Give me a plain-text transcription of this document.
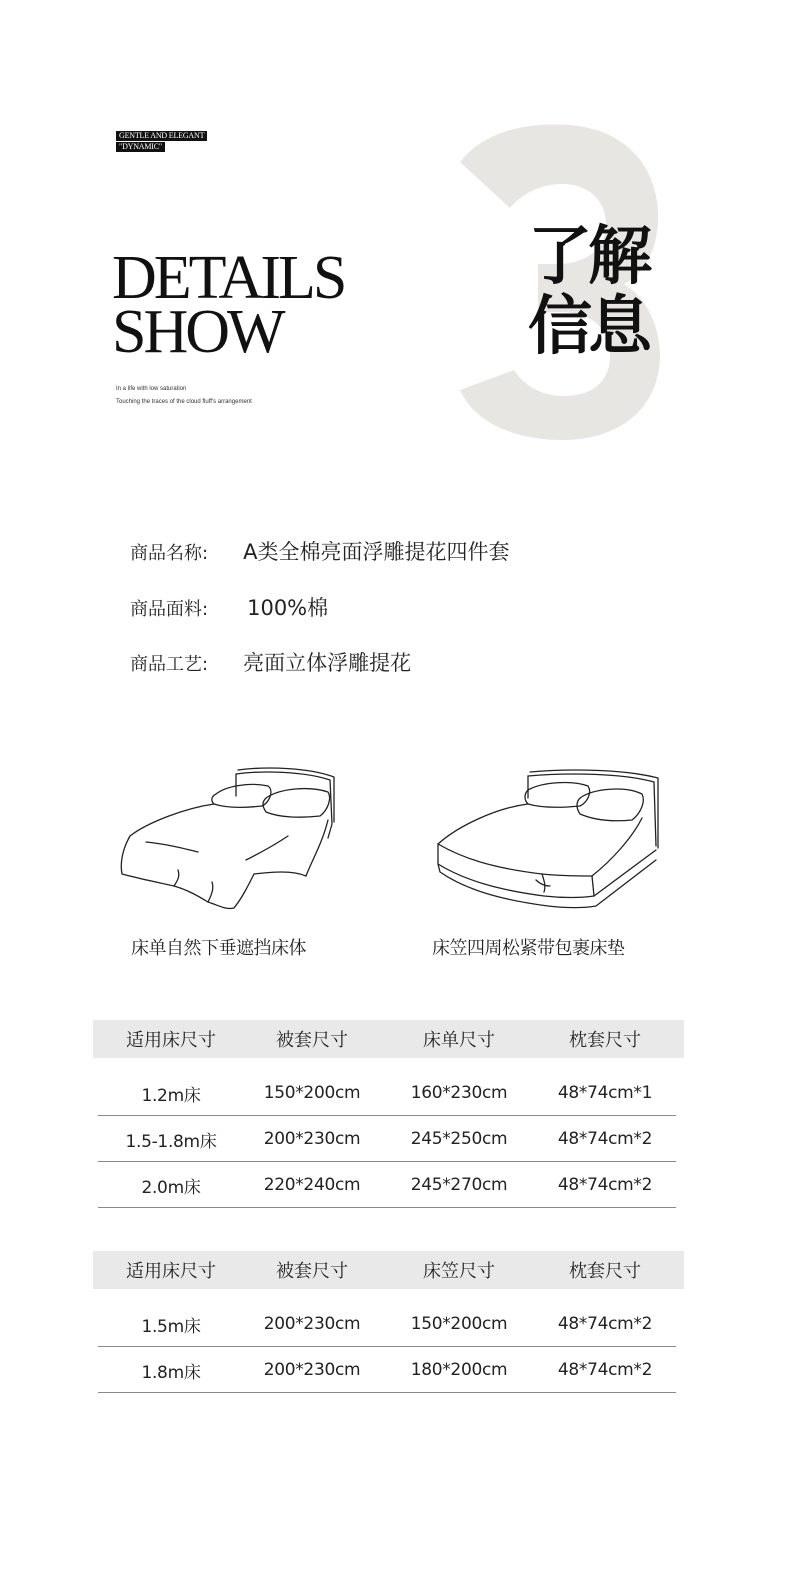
GENTLE AND ELEGANT
"DYNAMIC"
DETAILS
SHOW
In a life with low saturation
Touching the traces of the cloud fluff's arrangement
了解
信息
商品名称: A类全棉亮面浮雕提花四件套
商品面料: 100%棉
商品工艺: 亮面立体浮雕提花
床单自然下垂遮挡床体	床笠四周松紧带包裹床垫
适用床尺寸	被套尺寸	床单尺寸	枕套尺寸
1.2m床	150*200cm	160*230cm	48*74cm*1
1.5-1.8m床	200*230cm	245*250cm	48*74cm*2
2.0m床	220*240cm	245*270cm	48*74cm*2
适用床尺寸	被套尺寸	床笠尺寸	枕套尺寸
1.5m床	200*230cm	150*200cm	48*74cm*2
1.8m床	200*230cm	180*200cm	48*74cm*2
